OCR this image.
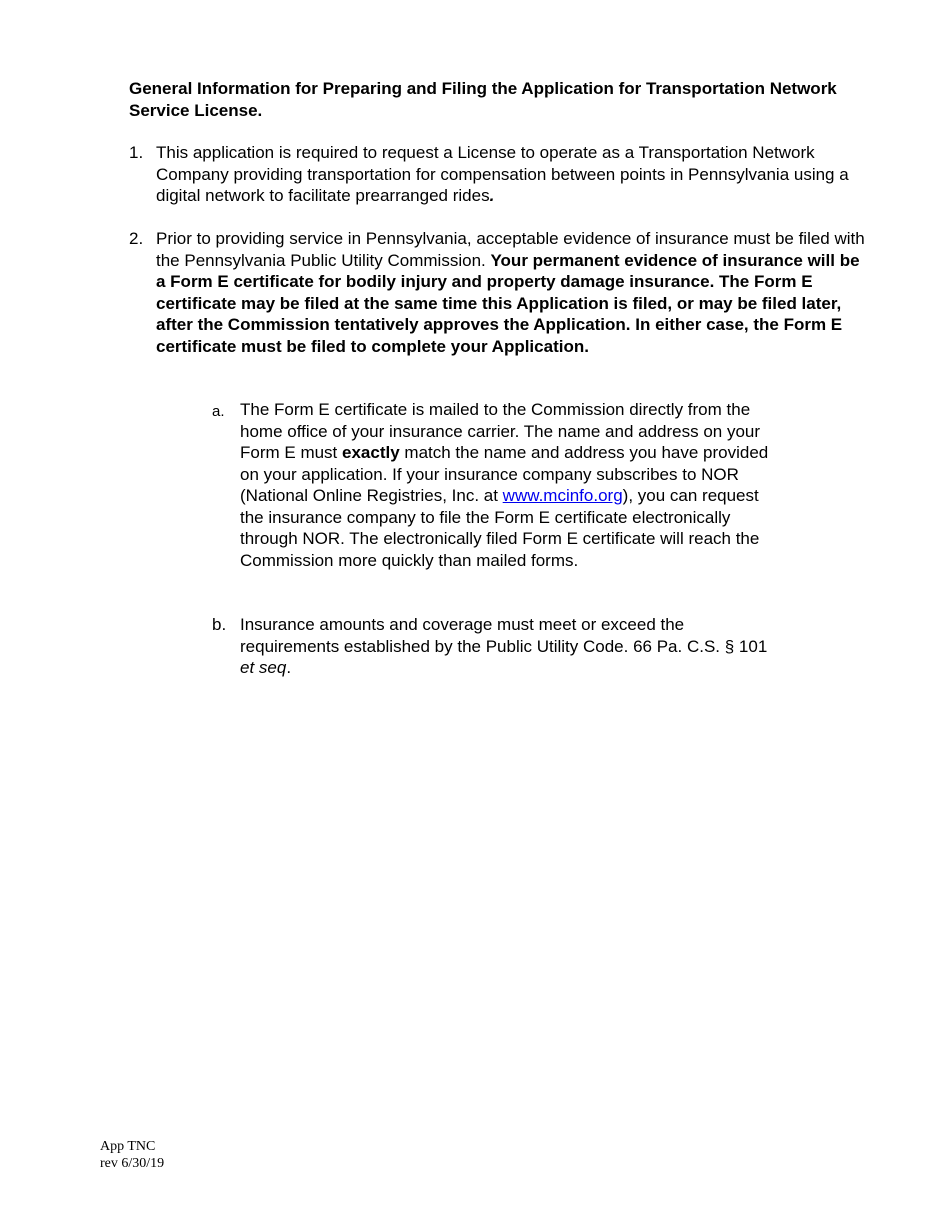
General Information for Preparing and Filing the Application for Transportation Network Service License.

1. This application is required to request a License to operate as a Transportation Network Company providing transportation for compensation between points in Pennsylvania using a digital network to facilitate prearranged rides.
2. Prior to providing service in Pennsylvania, acceptable evidence of insurance must be filed with the Pennsylvania Public Utility Commission. Your permanent evidence of insurance will be a Form E certificate for bodily injury and property damage insurance. The Form E certificate may be filed at the same time this Application is filed, or may be filed later, after the Commission tentatively approves the Application. In either case, the Form E certificate must be filed to complete your Application.
a. The Form E certificate is mailed to the Commission directly from the home office of your insurance carrier. The name and address on your Form E must exactly match the name and address you have provided on your application. If your insurance company subscribes to NOR (National Online Registries, Inc. at www.mcinfo.org), you can request the insurance company to file the Form E certificate electronically through NOR. The electronically filed Form E certificate will reach the Commission more quickly than mailed forms.
b. Insurance amounts and coverage must meet or exceed the requirements established by the Public Utility Code. 66 Pa. C.S. § 101 et seq.
App TNC
rev 6/30/19
